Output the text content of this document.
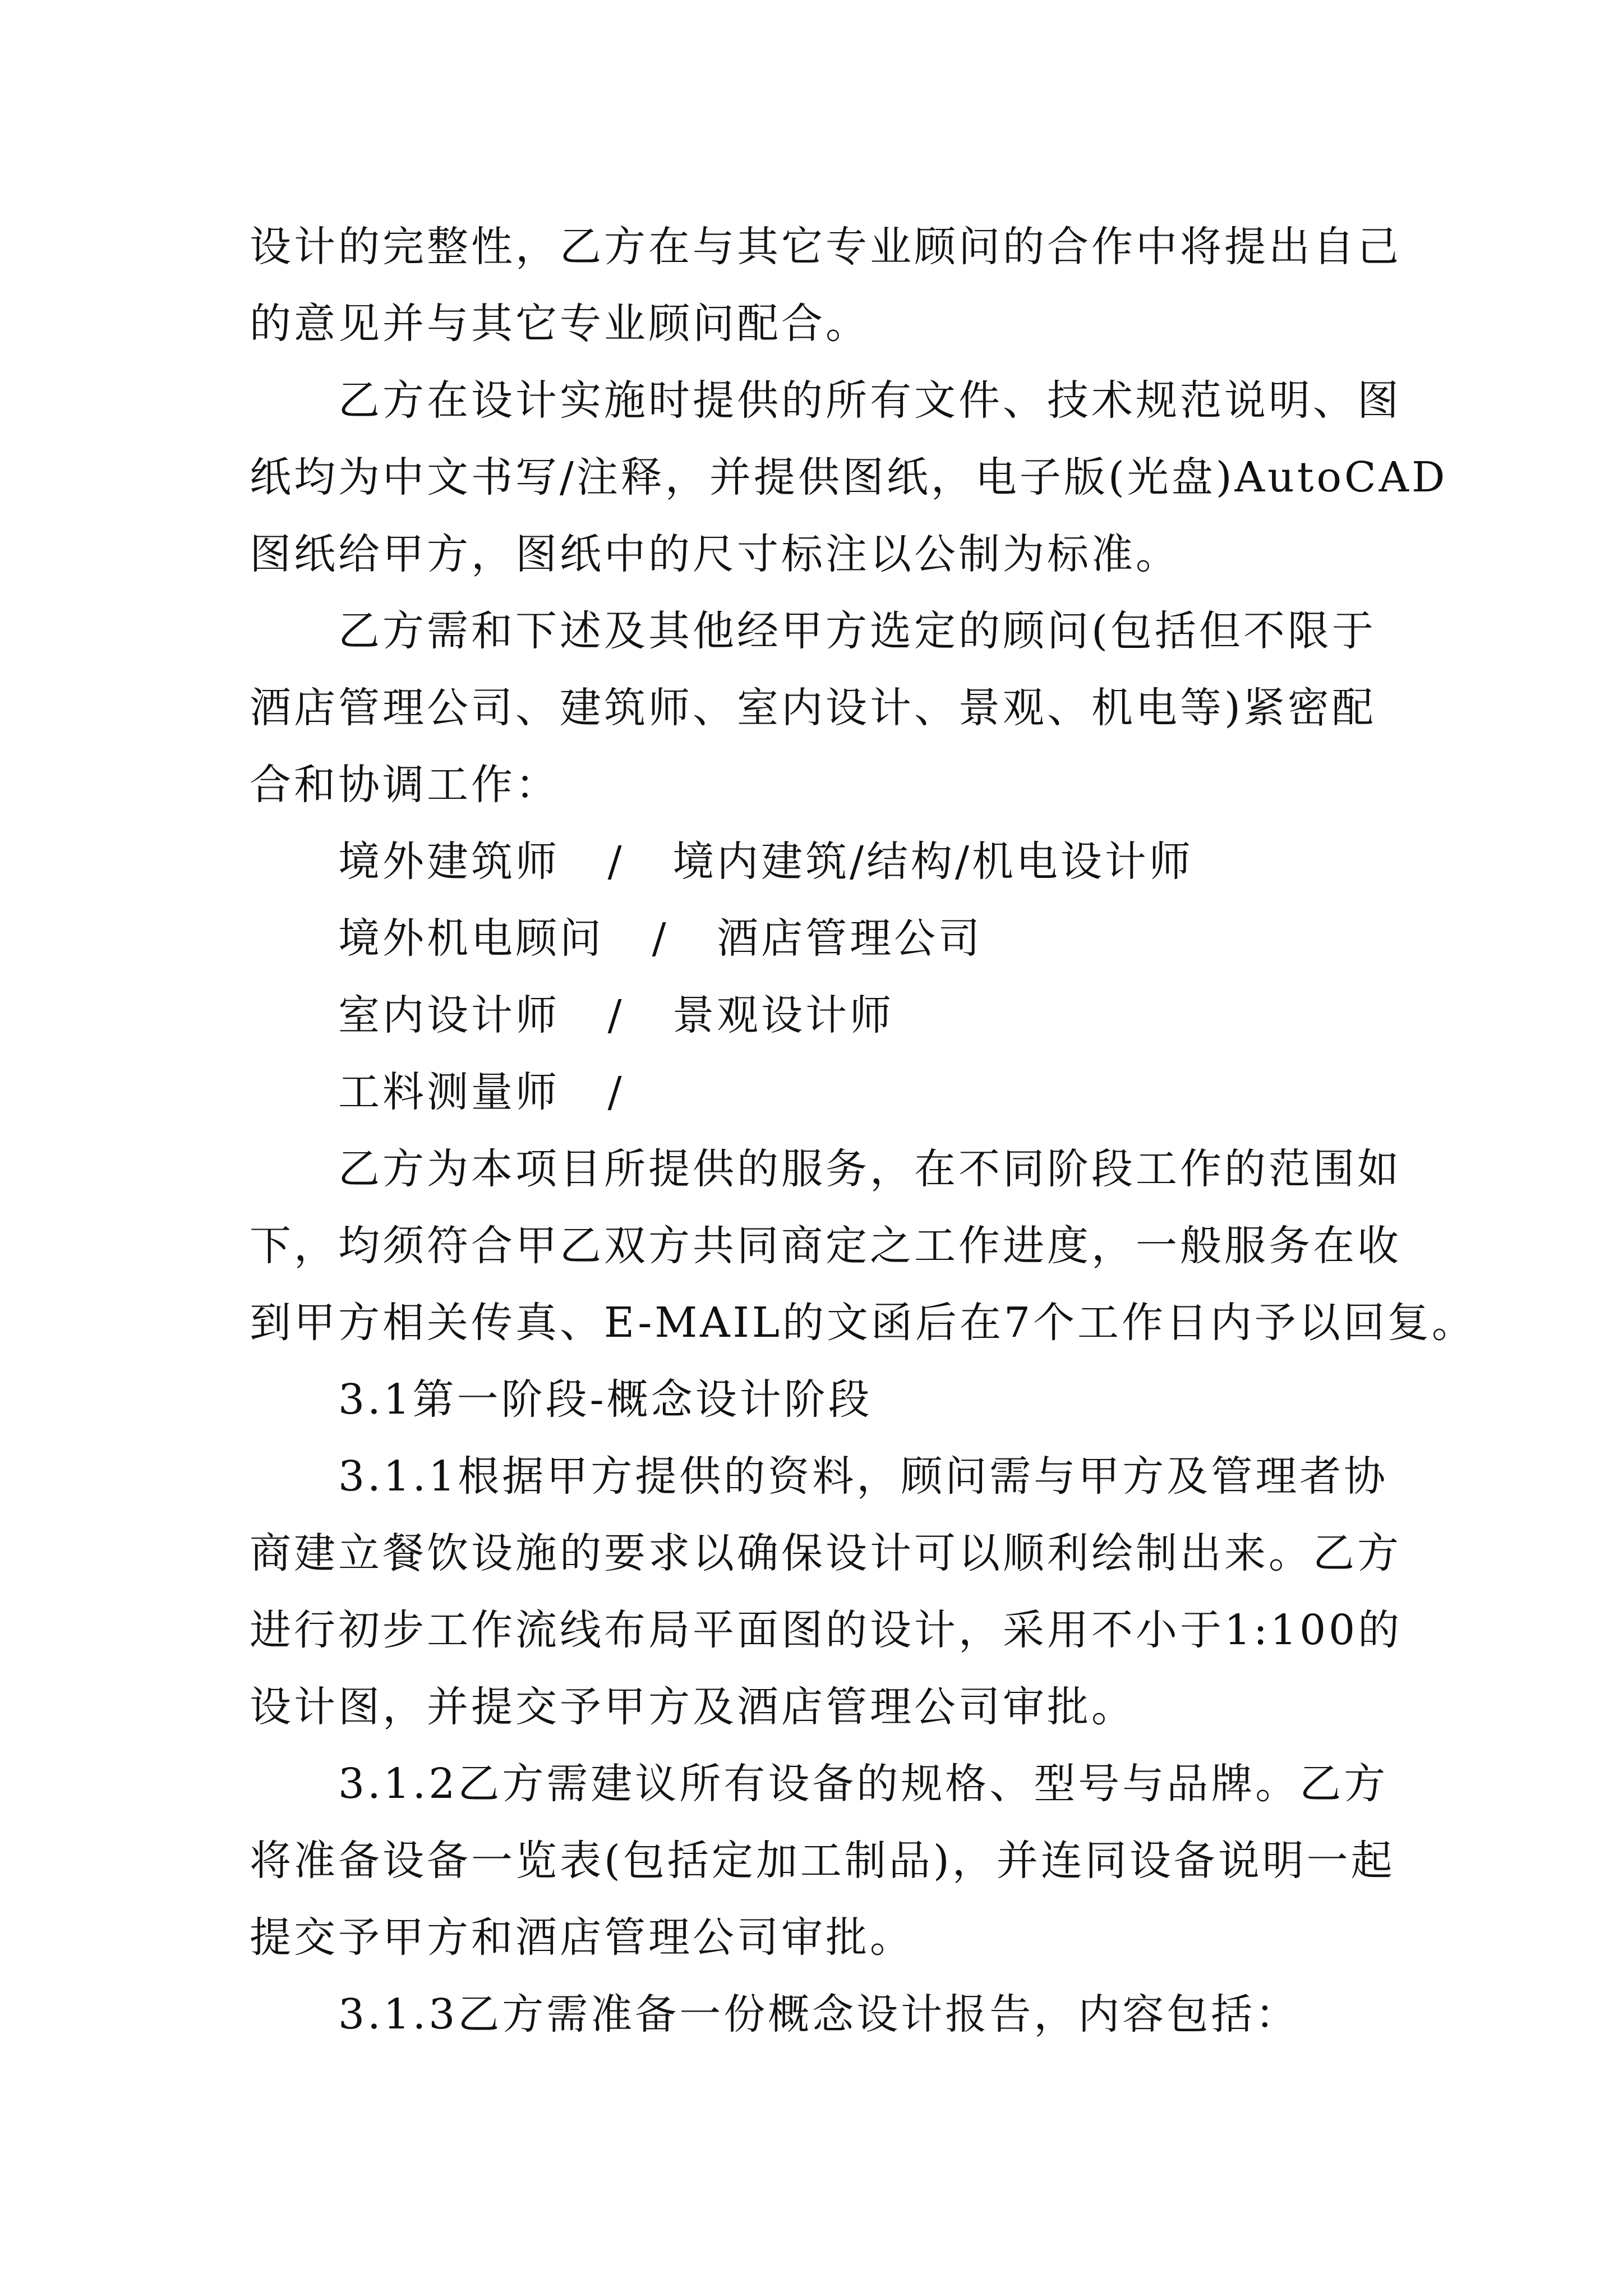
设计的完整性，乙方在与其它专业顾问的合作中将提出自己
的意见并与其它专业顾问配合。
乙方在设计实施时提供的所有文件、技术规范说明、图
纸均为中文书写/注释，并提供图纸，电子版(光盘)AutoCAD
图纸给甲方，图纸中的尺寸标注以公制为标准。
乙方需和下述及其他经甲方选定的顾问(包括但不限于
酒店管理公司、建筑师、室内设计、景观、机电等)紧密配
合和协调工作：
境外建筑师   /   境内建筑/结构/机电设计师
境外机电顾问   /   酒店管理公司
室内设计师   /   景观设计师
工料测量师   /
乙方为本项目所提供的服务，在不同阶段工作的范围如
下，均须符合甲乙双方共同商定之工作进度，一般服务在收
到甲方相关传真、E-MAIL的文函后在7个工作日内予以回复。
3.1第一阶段-概念设计阶段
3.1.1根据甲方提供的资料，顾问需与甲方及管理者协
商建立餐饮设施的要求以确保设计可以顺利绘制出来。乙方
进行初步工作流线布局平面图的设计，采用不小于1:100的
设计图，并提交予甲方及酒店管理公司审批。
3.1.2乙方需建议所有设备的规格、型号与品牌。乙方
将准备设备一览表(包括定加工制品)，并连同设备说明一起
提交予甲方和酒店管理公司审批。
3.1.3乙方需准备一份概念设计报告，内容包括：
